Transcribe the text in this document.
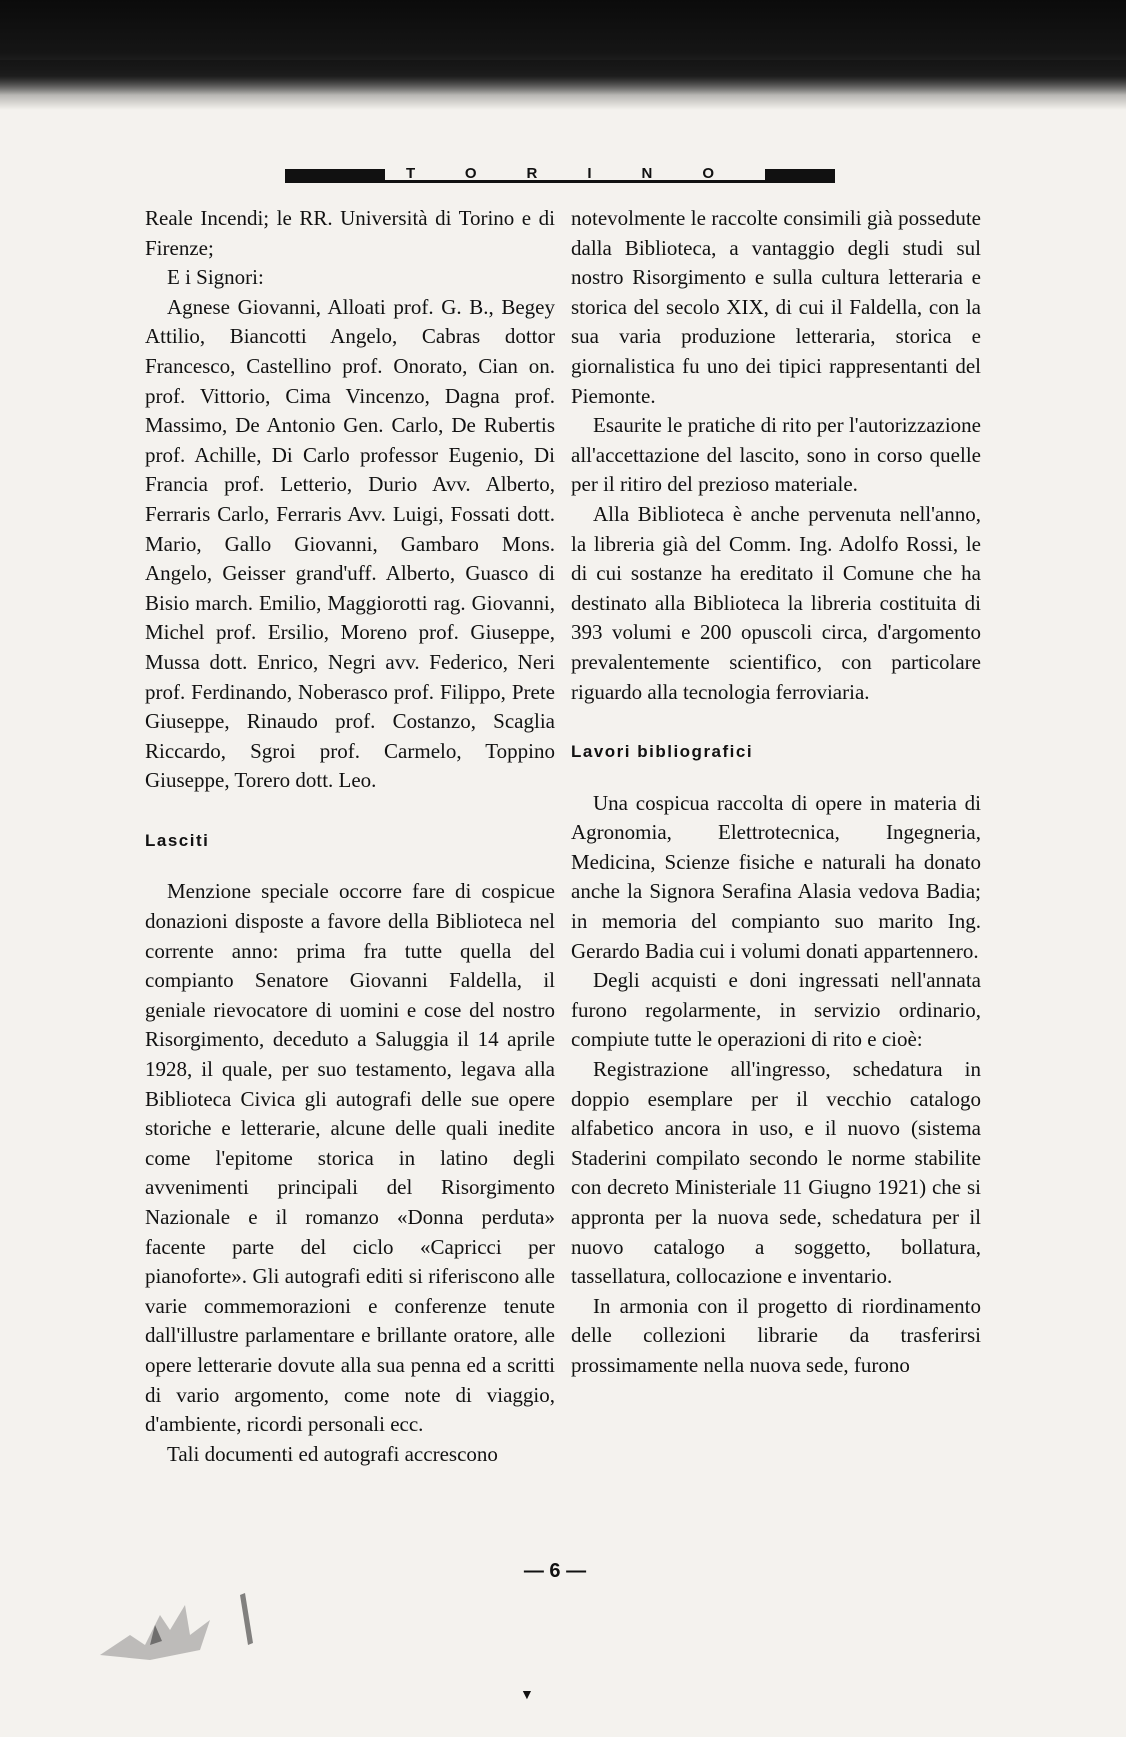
TORINO

Reale Incendi; le RR. Università di Torino e di Firenze;

E i Signori:

Agnese Giovanni, Alloati prof. G. B., Begey Attilio, Biancotti Angelo, Cabras dottor Francesco, Castellino prof. Onorato, Cian on. prof. Vittorio, Cima Vincenzo, Dagna prof. Massimo, De Antonio Gen. Carlo, De Rubertis prof. Achille, Di Carlo professor Eugenio, Di Francia prof. Letterio, Durio Avv. Alberto, Ferraris Carlo, Ferraris Avv. Luigi, Fossati dott. Mario, Gallo Giovanni, Gambaro Mons. Angelo, Geisser grand'uff. Alberto, Guasco di Bisio march. Emilio, Maggiorotti rag. Giovanni, Michel prof. Ersilio, Moreno prof. Giuseppe, Mussa dott. Enrico, Negri avv. Federico, Neri prof. Ferdinando, Noberasco prof. Filippo, Prete Giuseppe, Rinaudo prof. Costanzo, Scaglia Riccardo, Sgroi prof. Carmelo, Toppino Giuseppe, Torero dott. Leo.

Lasciti

Menzione speciale occorre fare di cospicue donazioni disposte a favore della Biblioteca nel corrente anno: prima fra tutte quella del compianto Senatore Giovanni Faldella, il geniale rievocatore di uomini e cose del nostro Risorgimento, deceduto a Saluggia il 14 aprile 1928, il quale, per suo testamento, legava alla Biblioteca Civica gli autografi delle sue opere storiche e letterarie, alcune delle quali inedite come l'epitome storica in latino degli avvenimenti principali del Risorgimento Nazionale e il romanzo «Donna perduta» facente parte del ciclo «Capricci per pianoforte». Gli autografi editi si riferiscono alle varie commemorazioni e conferenze tenute dall'illustre parlamentare e brillante oratore, alle opere letterarie dovute alla sua penna ed a scritti di vario argomento, come note di viaggio, d'ambiente, ricordi personali ecc.

Tali documenti ed autografi accrescono

notevolmente le raccolte consimili già possedute dalla Biblioteca, a vantaggio degli studi sul nostro Risorgimento e sulla cultura letteraria e storica del secolo XIX, di cui il Faldella, con la sua varia produzione letteraria, storica e giornalistica fu uno dei tipici rappresentanti del Piemonte.

Esaurite le pratiche di rito per l'autorizzazione all'accettazione del lascito, sono in corso quelle per il ritiro del prezioso materiale.

Alla Biblioteca è anche pervenuta nell'anno, la libreria già del Comm. Ing. Adolfo Rossi, le di cui sostanze ha ereditato il Comune che ha destinato alla Biblioteca la libreria costituita di 393 volumi e 200 opuscoli circa, d'argomento prevalentemente scientifico, con particolare riguardo alla tecnologia ferroviaria.

Lavori bibliografici

Una cospicua raccolta di opere in materia di Agronomia, Elettrotecnica, Ingegneria, Medicina, Scienze fisiche e naturali ha donato anche la Signora Serafina Alasia vedova Badia; in memoria del compianto suo marito Ing. Gerardo Badia cui i volumi donati appartennero.

Degli acquisti e doni ingressati nell'annata furono regolarmente, in servizio ordinario, compiute tutte le operazioni di rito e cioè:

Registrazione all'ingresso, schedatura in doppio esemplare per il vecchio catalogo alfabetico ancora in uso, e il nuovo (sistema Staderini compilato secondo le norme stabilite con decreto Ministeriale 11 Giugno 1921) che si appronta per la nuova sede, schedatura per il nuovo catalogo a soggetto, bollatura, tassellatura, collocazione e inventario.

In armonia con il progetto di riordinamento delle collezioni librarie da trasferirsi prossimamente nella nuova sede, furono

— 6 —
▼
